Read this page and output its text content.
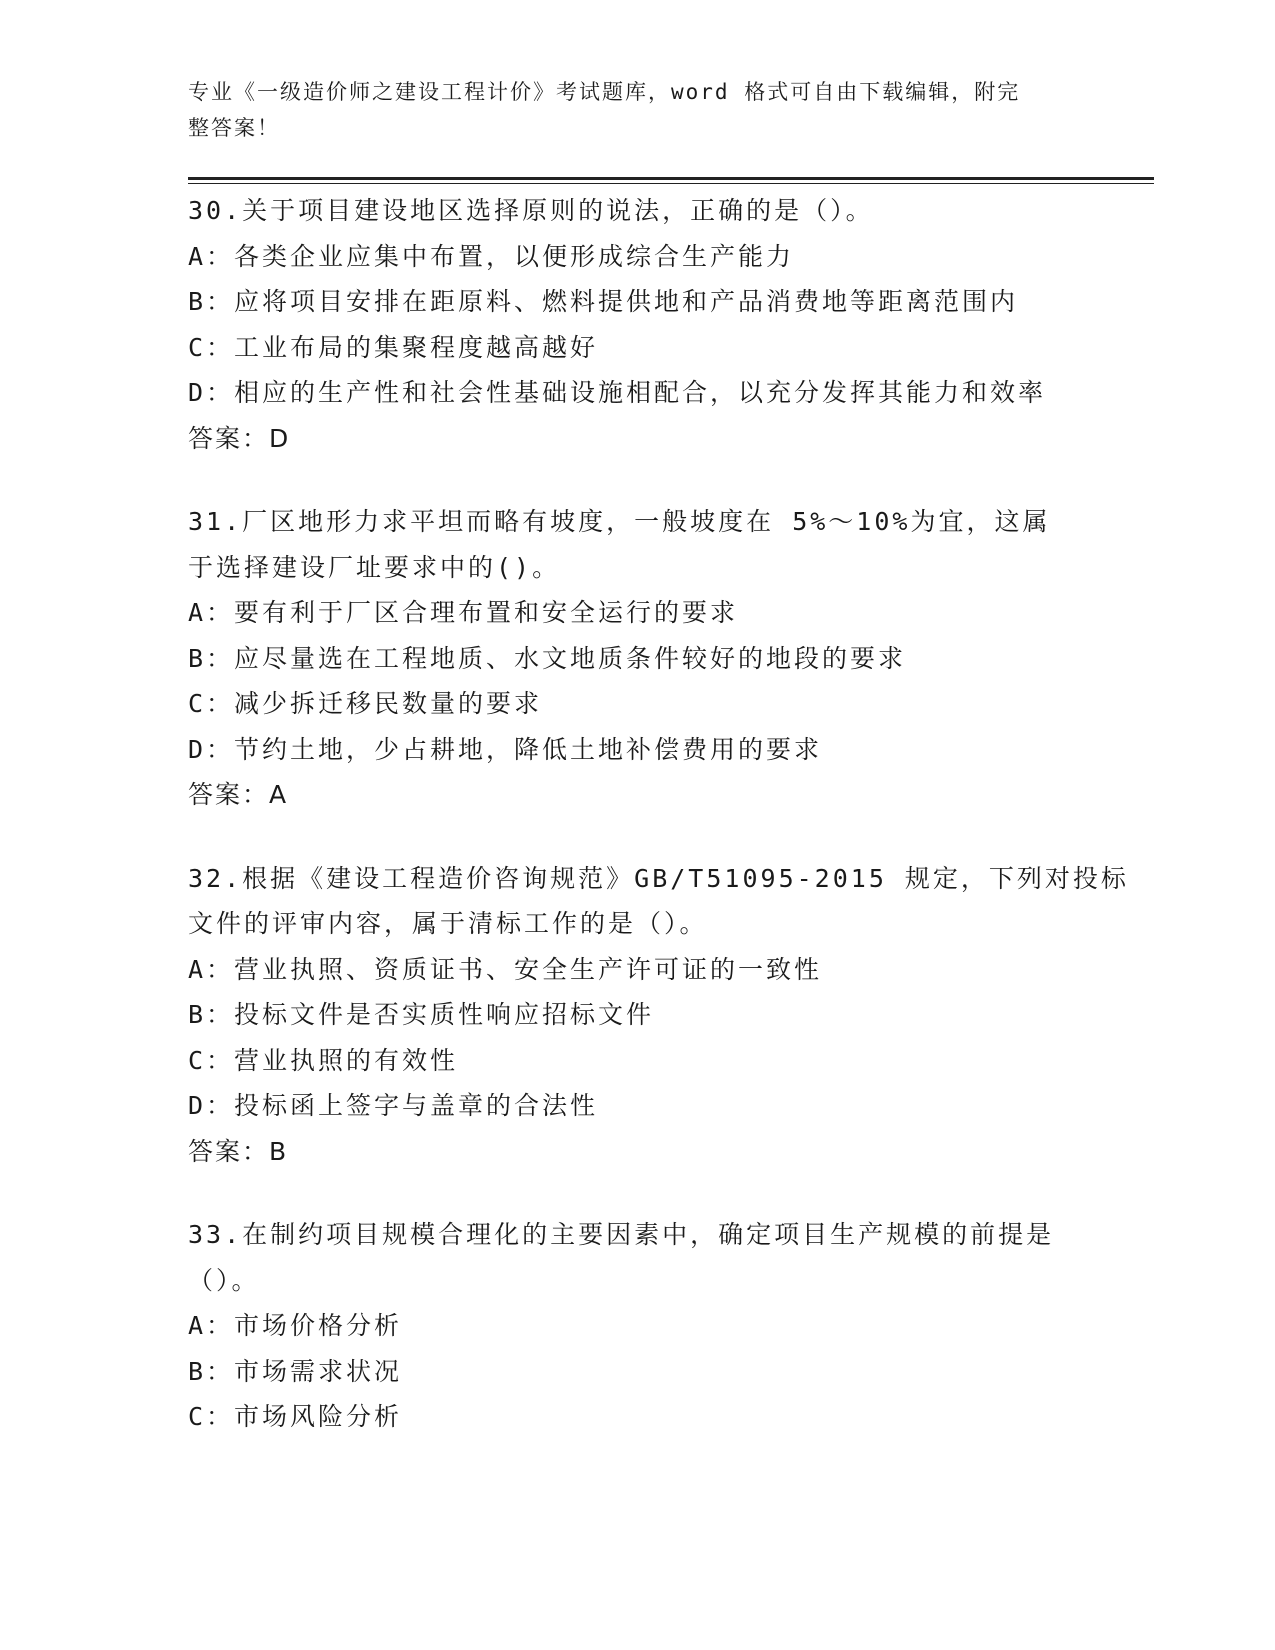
专业《一级造价师之建设工程计价》考试题库，word 格式可自由下载编辑，附完
整答案！
30.关于项目建设地区选择原则的说法，正确的是（）。
A：各类企业应集中布置，以便形成综合生产能力
B：应将项目安排在距原料、燃料提供地和产品消费地等距离范围内
C：工业布局的集聚程度越高越好
D：相应的生产性和社会性基础设施相配合，以充分发挥其能力和效率
答案：D
31.厂区地形力求平坦而略有坡度，一般坡度在 5%～10%为宜，这属
于选择建设厂址要求中的()。
A：要有利于厂区合理布置和安全运行的要求
B：应尽量选在工程地质、水文地质条件较好的地段的要求
C：减少拆迁移民数量的要求
D：节约土地，少占耕地，降低土地补偿费用的要求
答案：A
32.根据《建设工程造价咨询规范》GB/T51095-2015 规定，下列对投标
文件的评审内容，属于清标工作的是（）。
A：营业执照、资质证书、安全生产许可证的一致性
B：投标文件是否实质性响应招标文件
C：营业执照的有效性
D：投标函上签字与盖章的合法性
答案：B
33.在制约项目规模合理化的主要因素中，确定项目生产规模的前提是
（）。
A：市场价格分析
B：市场需求状况
C：市场风险分析
